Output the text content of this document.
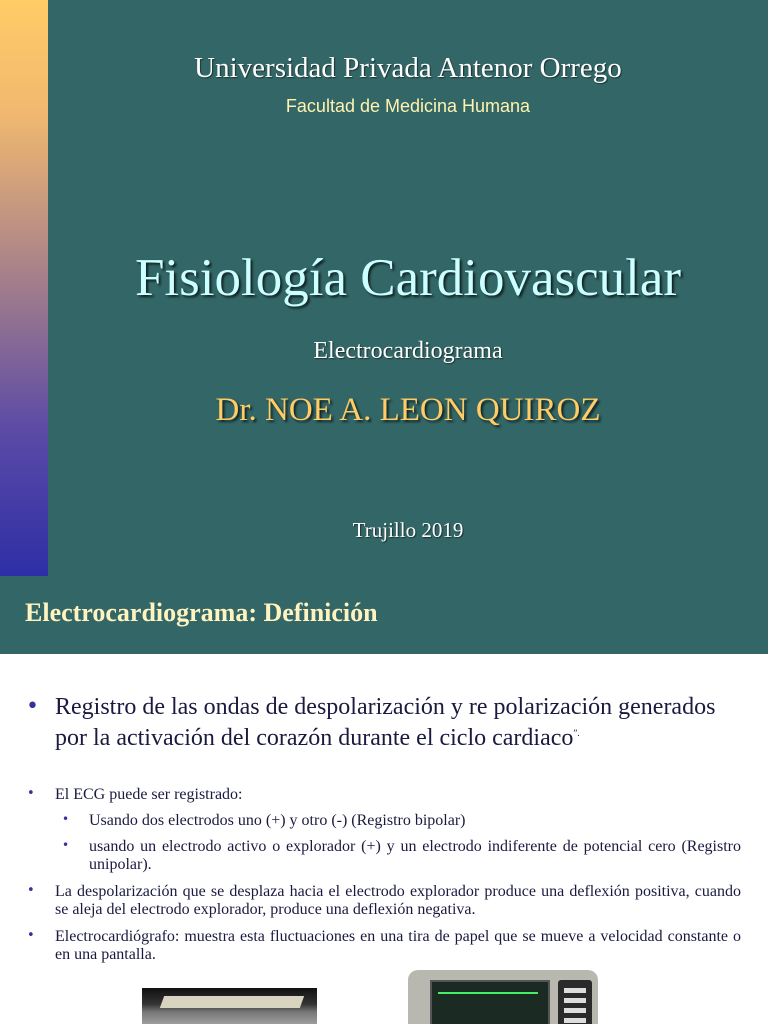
Universidad Privada Antenor Orrego
Facultad de Medicina Humana
Fisiología Cardiovascular
Electrocardiograma
Dr. NOE A. LEON QUIROZ
Trujillo 2019
Electrocardiograma: Definición
• Registro de las ondas de despolarización y re polarización generados por la activación del corazón durante el ciclo cardiaco”.
• El ECG puede ser registrado:
• Usando dos electrodos uno (+) y otro (-) (Registro bipolar)
• usando un electrodo activo o explorador (+) y un electrodo indiferente de potencial cero (Registro unipolar).
• La despolarización que se desplaza hacia el electrodo explorador produce una deflexión positiva, cuando se aleja del electrodo explorador, produce una deflexión negativa.
• Electrocardiógrafo: muestra esta fluctuaciones en una tira de papel que se mueve a velocidad constante o en una pantalla.
